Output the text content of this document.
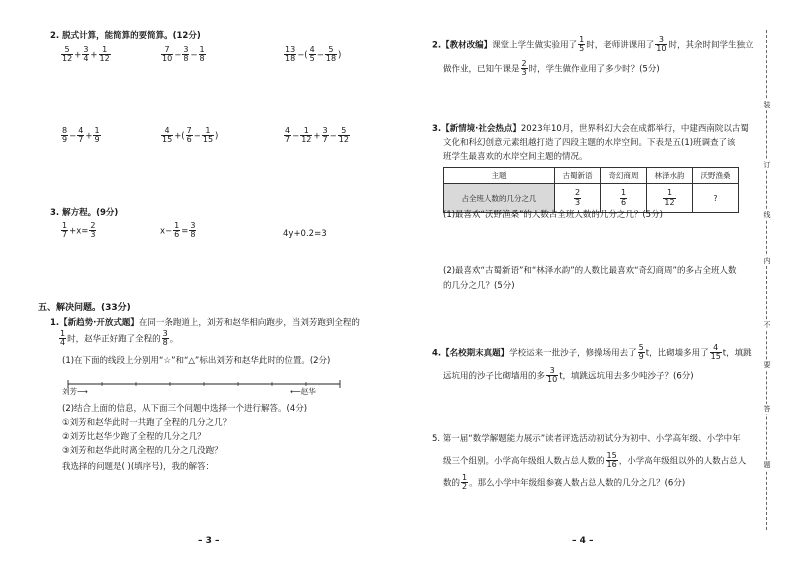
2. 脱式计算，能简算的要简算。(12分)
$\frac{5}{12} + \frac{3}{4} + \frac{1}{12}$	$\frac{7}{10} - \frac{3}{8} - \frac{1}{8}$	$\frac{13}{18}$ −( $\frac{4}{5} - \frac{5}{18}$ )
$\frac{8}{9} - \frac{4}{7} + \frac{1}{9}$	$\frac{4}{15}$ +( $\frac{7}{6} - \frac{1}{15}$ )	$\frac{4}{7} - \frac{1}{12} + \frac{3}{7} - \frac{5}{12}$
3. 解方程。(9分)
$\frac{1}{7} +x= \frac{2}{3}$	$x- \frac{1}{6} = \frac{3}{8}$	4y+0.2=3
五、解决问题。(33分)
1.【新趋势·开放式题】在同一条跑道上，刘芳和赵华相向跑步，当刘芳跑到全程的
$\frac{1}{4}$ 时，赵华正好跑了全程的 $\frac{3}{8}$ 。
(1)在下面的线段上分别用“☆”和“△”标出刘芳和赵华此时的位置。(2分)
刘芳⟶	⟵赵华
(2)结合上面的信息，从下面三个问题中选择一个进行解答。(4分)
①刘芳和赵华此时一共跑了全程的几分之几？
②刘芳比赵华少跑了全程的几分之几？
③刘芳和赵华此时离全程的几分之几没跑？
我选择的问题是( )(填序号)，我的解答：
– 3 –
2.【教材改编】课堂上学生做实验用了 $\frac{1}{5}$ 时，老师讲课用了 $\frac{3}{10}$ 时，其余时间学生独立
做作业，已知午课是 $\frac{2}{3}$ 时，学生做作业用了多少时？(5分)
3.【新情境·社会热点】2023年10月，世界科幻大会在成都举行，中建西南院以古蜀
文化和科幻创意元素组越打造了四段主题的水岸空间。下表是五(1)班调查了该
班学生最喜欢的水岸空间主题的情况。
主题	古蜀新语	奇幻商周	林泽水韵	沃野渔桑
占全班人数的几分之几	$\frac{2}{3}$	$\frac{1}{6}$	$\frac{1}{12}$	?
(1)最喜欢“沃野渔桑”的人数占全班人数的几分之几？(5分)
(2)最喜欢“古蜀新语”和“林泽水韵”的人数比最喜欢“奇幻商周”的多占全班人数
的几分之几？(5分)
4.【名校期末真题】学校运来一批沙子，修操场用去了 $\frac{5}{9}$ t，比砌墙多用了 $\frac{4}{15}$ t，填跳
远坑用的沙子比砌墙用的多 $\frac{3}{10}$ t，填跳远坑用去多少吨沙子？(6分)
5. 第一届“数学解题能力展示”读者评选活动初试分为初中、小学高年级、小学中年
级三个组别。小学高年级组人数占总人数的 $\frac{15}{16}$ ，小学高年级组以外的人数占总人
数的 $\frac{1}{2}$ 。那么小学中年级组参赛人数占总人数的几分之几？(6分)
– 4 –
装
订
线
内
不
要
答
题
